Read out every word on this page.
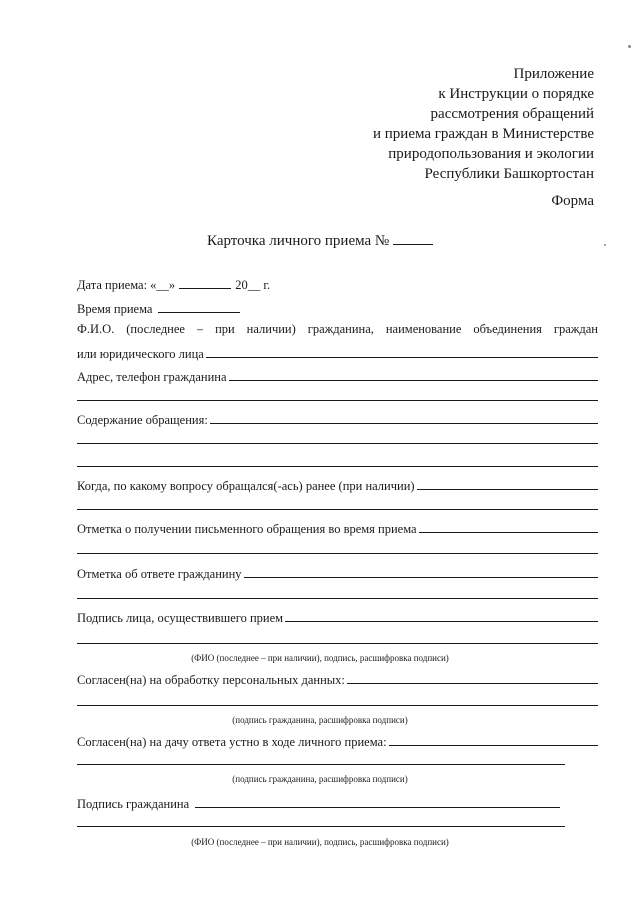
Приложение
к Инструкции о порядке
рассмотрения обращений
и приема граждан в Министерстве
природопользования и экологии
Республики Башкортостан
Форма
Карточка личного приема №
Дата приема: «__»	20__ г.
Время приема
Ф.И.О. (последнее – при наличии) гражданина, наименование объединения граждан
или юридического лица
Адрес, телефон гражданина
Содержание обращения:
Когда, по какому вопросу обращался(-ась) ранее (при наличии)
Отметка о получении письменного обращения во время приема
Отметка об ответе гражданину
Подпись лица, осуществившего прием
(ФИО (последнее – при наличии), подпись, расшифровка подписи)
Согласен(на) на обработку персональных данных:
(подпись гражданина, расшифровка подписи)
Согласен(на) на дачу ответа устно в ходе личного приема:
(подпись гражданина, расшифровка подписи)
Подпись гражданина
(ФИО (последнее – при наличии), подпись, расшифровка подписи)
